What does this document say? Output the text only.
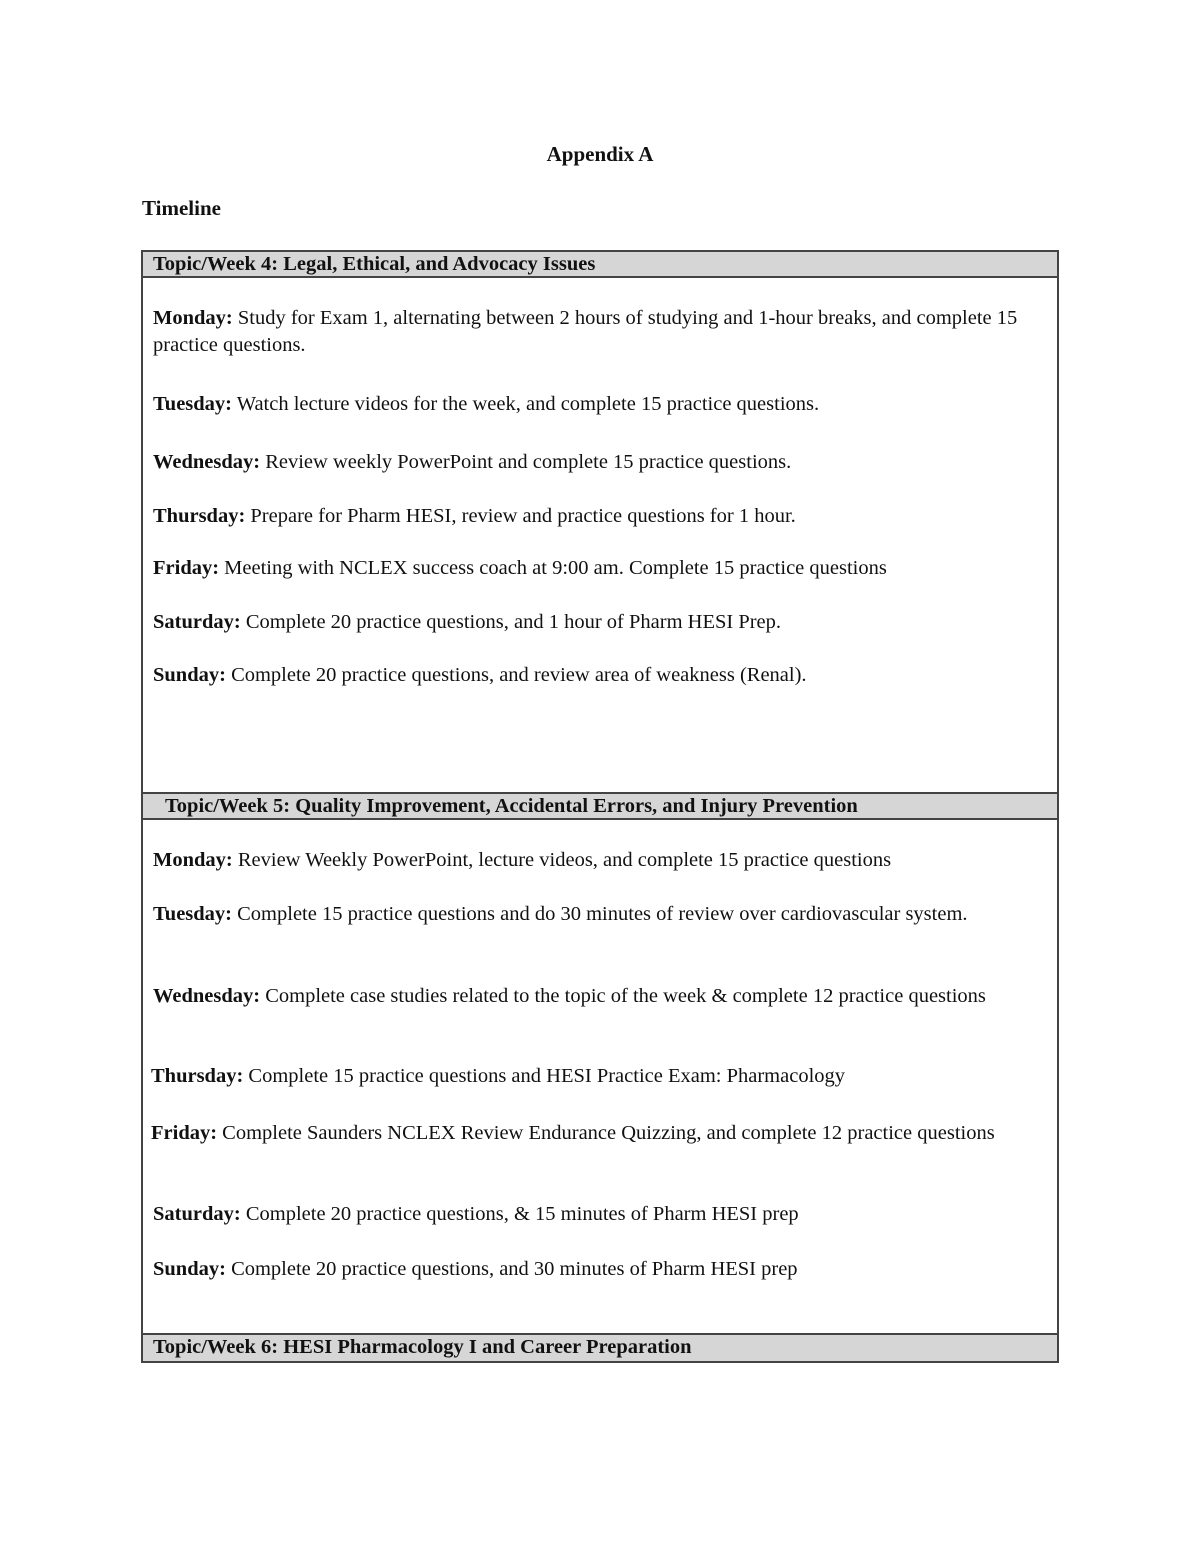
Appendix A
Timeline
Topic/Week 4: Legal, Ethical, and Advocacy Issues
Monday: Study for Exam 1, alternating between 2 hours of studying and 1-hour breaks, and complete 15 practice questions.
Tuesday: Watch lecture videos for the week, and complete 15 practice questions.
Wednesday: Review weekly PowerPoint and complete 15 practice questions.
Thursday: Prepare for Pharm HESI, review and practice questions for 1 hour.
Friday: Meeting with NCLEX success coach at 9:00 am. Complete 15 practice questions
Saturday: Complete 20 practice questions, and 1 hour of Pharm HESI Prep.
Sunday: Complete 20 practice questions, and review area of weakness (Renal).
Topic/Week 5: Quality Improvement, Accidental Errors, and Injury Prevention
Monday: Review Weekly PowerPoint, lecture videos, and complete 15 practice questions
Tuesday: Complete 15 practice questions and do 30 minutes of review over cardiovascular system.
Wednesday: Complete case studies related to the topic of the week & complete 12 practice questions
Thursday: Complete 15 practice questions and HESI Practice Exam: Pharmacology
Friday: Complete Saunders NCLEX Review Endurance Quizzing, and complete 12 practice questions
Saturday: Complete 20 practice questions, & 15 minutes of Pharm HESI prep
Sunday: Complete 20 practice questions, and 30 minutes of Pharm HESI prep
Topic/Week 6: HESI Pharmacology I and Career Preparation
